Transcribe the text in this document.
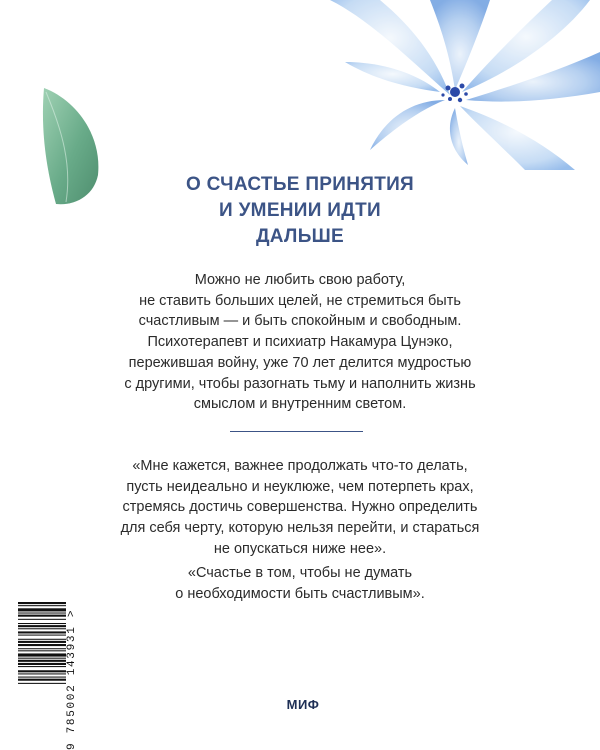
О СЧАСТЬЕ ПРИНЯТИЯ
И УМЕНИИ ИДТИ
ДАЛЬШЕ
Можно не любить свою работу,
не ставить больших целей, не стремиться быть
счастливым — и быть спокойным и свободным.
Психотерапевт и психиатр Накамура Цунэко,
пережившая войну, уже 70 лет делится мудростью
с другими, чтобы разогнать тьму и наполнить жизнь
смыслом и внутренним светом.
«Мне кажется, важнее продолжать что-то делать,
пусть неидеально и неуклюже, чем потерпеть крах,
стремясь достичь совершенства. Нужно определить
для себя черту, которую нельзя перейти, и стараться
не опускаться ниже нее».
«Счастье в том, чтобы не думать
о необходимости быть счастливым».
9 785002 143931 >	МИФ
